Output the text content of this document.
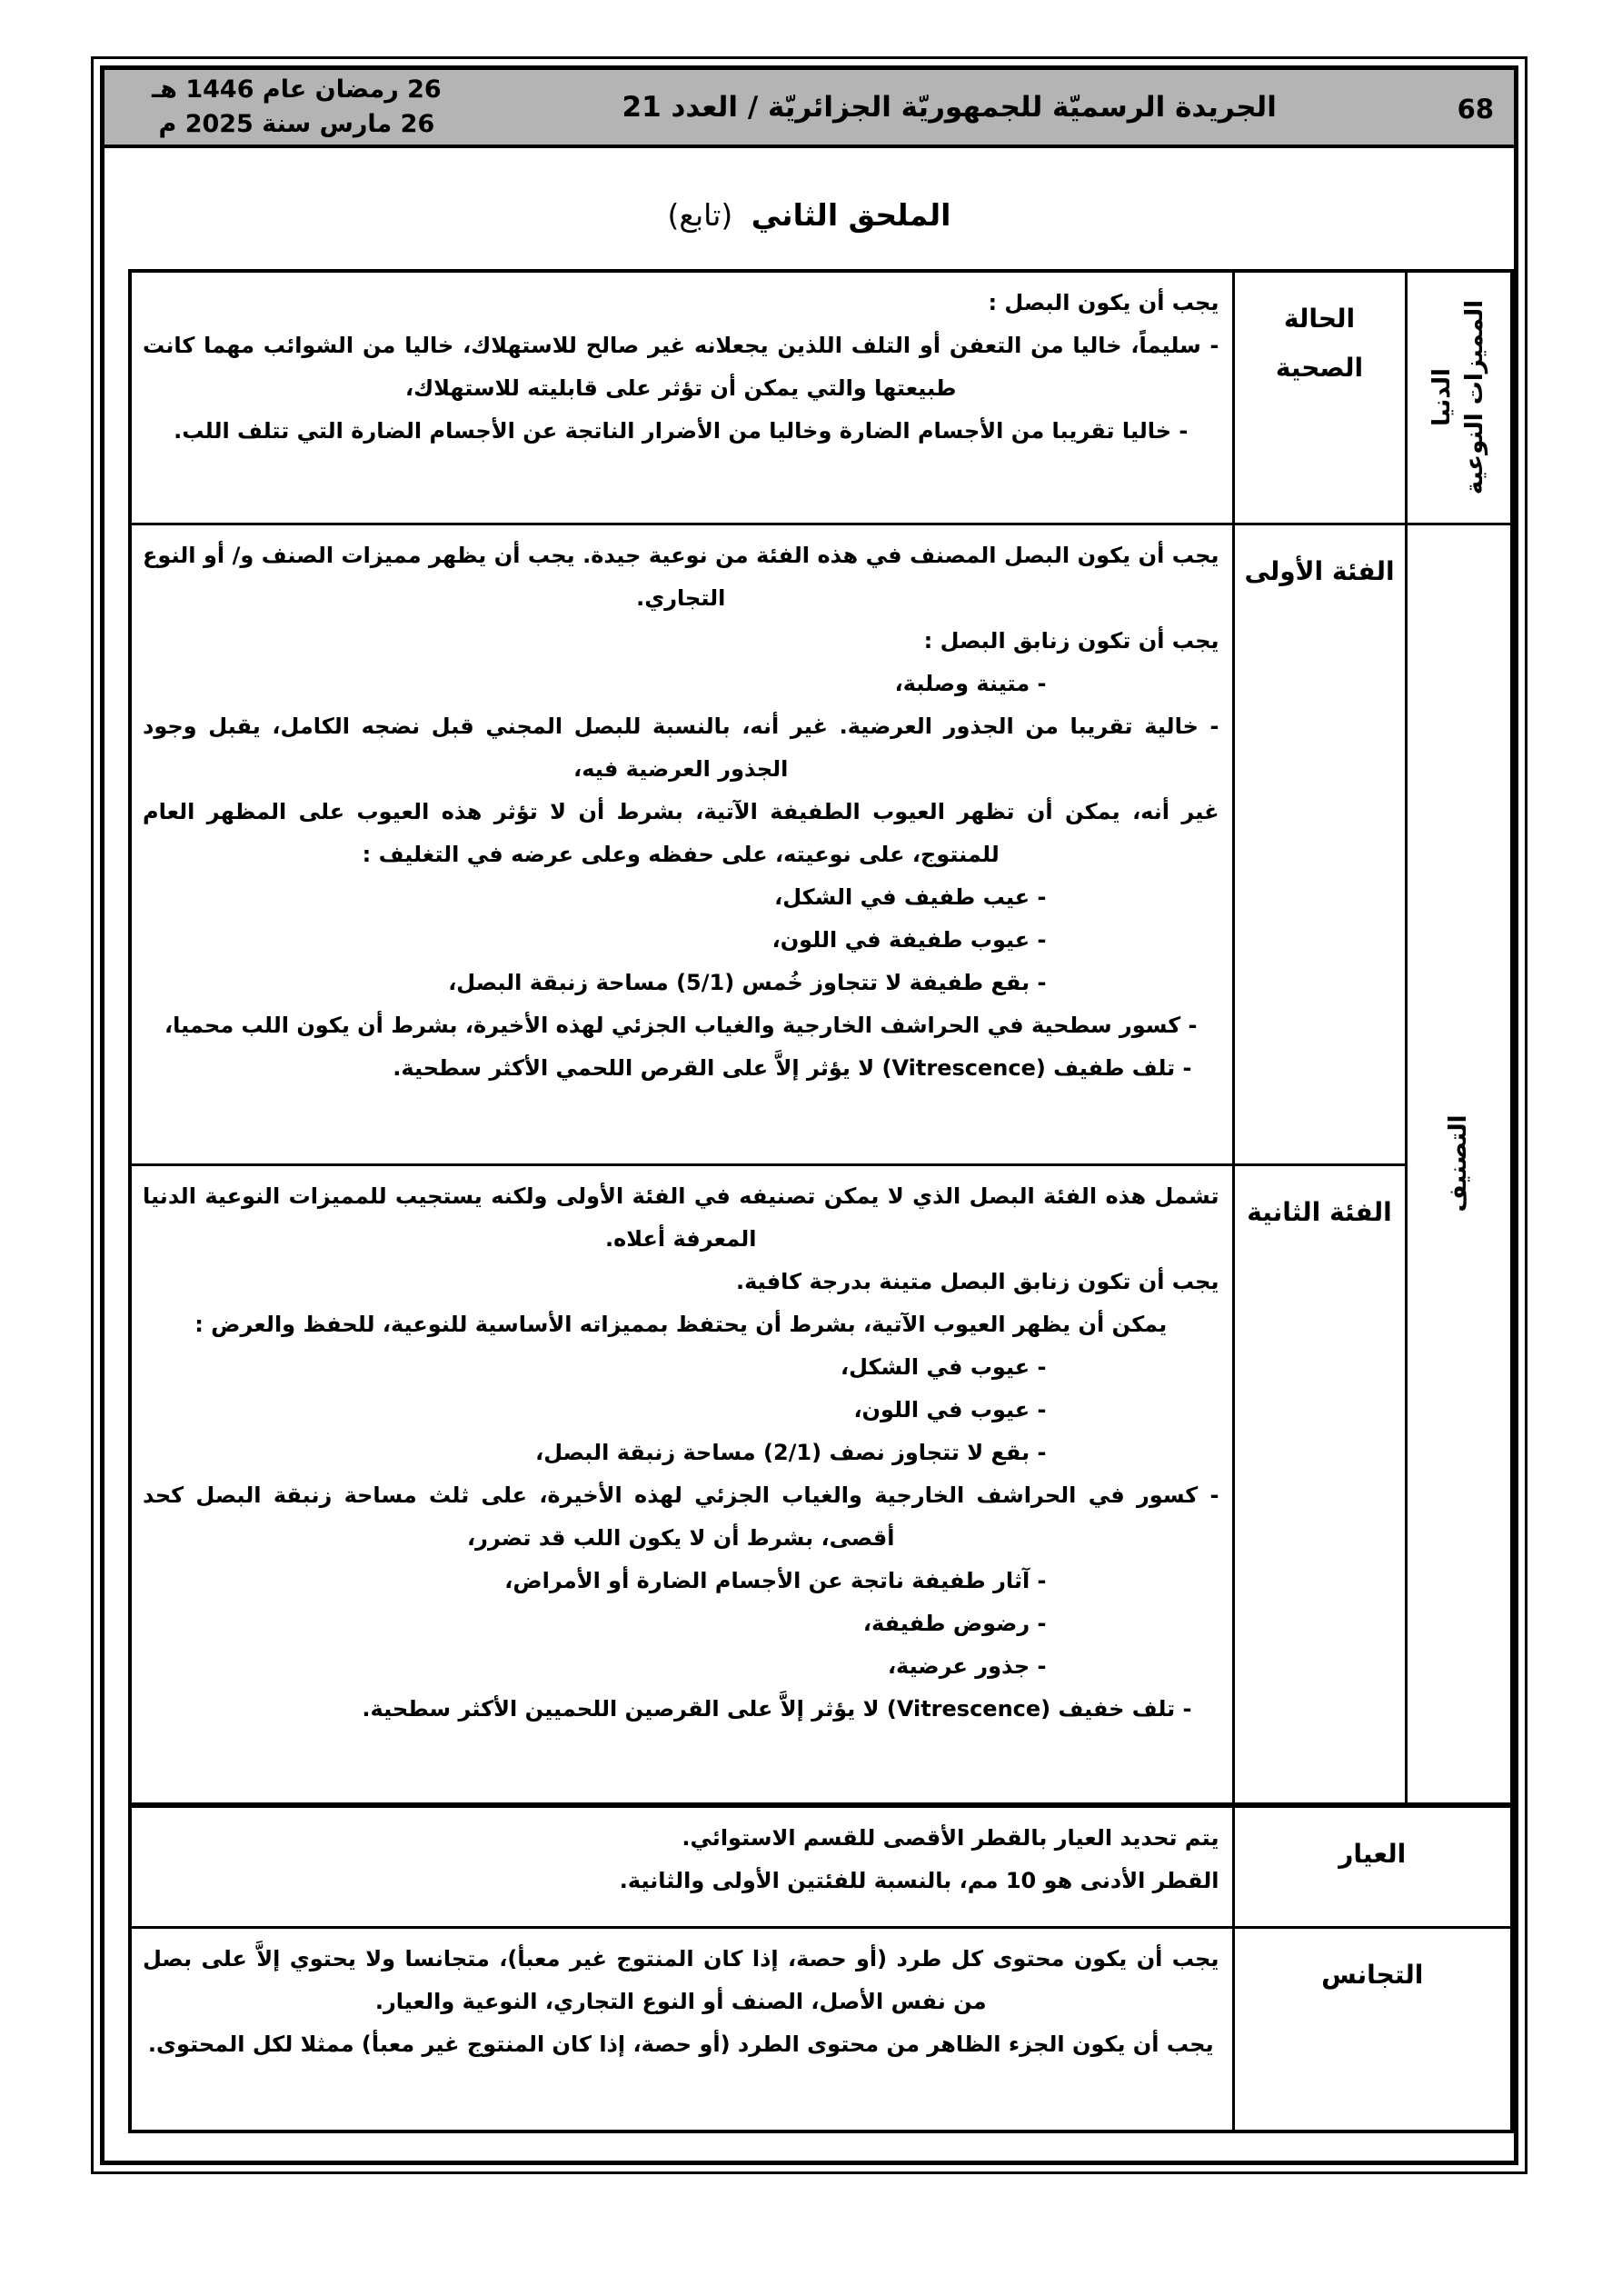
68
الجريدة الرسميّة للجمهوريّة الجزائريّة / العدد 21
26 رمضان عام 1446 هـ
26 مارس سنة 2025 م
الملحق الثاني (تابع)
المميزات النوعية
الدنيا
	الحالة الصحية	
يجب أن يكون البصل :
- سليماً، خاليا من التعفن أو التلف اللذين يجعلانه غير صالح للاستهلاك، خاليا من الشوائب مهما كانت طبيعتها والتي يمكن أن تؤثر على قابليته للاستهلاك،
- خاليا تقريبا من الأجسام الضارة وخاليا من الأضرار الناتجة عن الأجسام الضارة التي تتلف اللب.

التصنيف
	الفئة الأولى	
يجب أن يكون البصل المصنف في هذه الفئة من نوعية جيدة. يجب أن يظهر مميزات الصنف و/ أو النوع التجاري.
يجب أن تكون زنابق البصل :
- متينة وصلبة،
- خالية تقريبا من الجذور العرضية. غير أنه، بالنسبة للبصل المجني قبل نضجه الكامل، يقبل وجود الجذور العرضية فيه،
غير أنه، يمكن أن تظهر العيوب الطفيفة الآتية، بشرط أن لا تؤثر هذه العيوب على المظهر العام للمنتوج، على نوعيته، على حفظه وعلى عرضه في التغليف :
- عيب طفيف في الشكل،
- عيوب طفيفة في اللون،
- بقع طفيفة لا تتجاوز خُمس (5/1) مساحة زنبقة البصل،
- كسور سطحية في الحراشف الخارجية والغياب الجزئي لهذه الأخيرة، بشرط أن يكون اللب محميا،
- تلف طفيف (Vitrescence) لا يؤثر إلاَّ على القرص اللحمي الأكثر سطحية.

الفئة الثانية	
تشمل هذه الفئة البصل الذي لا يمكن تصنيفه في الفئة الأولى ولكنه يستجيب للمميزات النوعية الدنيا المعرفة أعلاه.
يجب أن تكون زنابق البصل متينة بدرجة كافية.
يمكن أن يظهر العيوب الآتية، بشرط أن يحتفظ بمميزاته الأساسية للنوعية، للحفظ والعرض :
- عيوب في الشكل،
- عيوب في اللون،
- بقع لا تتجاوز نصف (2/1) مساحة زنبقة البصل،
- كسور في الحراشف الخارجية والغياب الجزئي لهذه الأخيرة، على ثلث مساحة زنبقة البصل كحد أقصى، بشرط أن لا يكون اللب قد تضرر،
- آثار طفيفة ناتجة عن الأجسام الضارة أو الأمراض،
- رضوض طفيفة،
- جذور عرضية،
- تلف خفيف (Vitrescence) لا يؤثر إلاَّ على القرصين اللحميين الأكثر سطحية.

العيار		يتم تحديد العيار بالقطر الأقصى للقسم الاستوائي.
القطر الأدنى هو 10 مم، بالنسبة للفئتين الأولى والثانية.

التجانس		يجب أن يكون محتوى كل طرد (أو حصة، إذا كان المنتوج غير معبأ)، متجانسا ولا يحتوي إلاَّ على بصل من نفس الأصل، الصنف أو النوع التجاري، النوعية والعيار.
يجب أن يكون الجزء الظاهر من محتوى الطرد (أو حصة، إذا كان المنتوج غير معبأ) ممثلا لكل المحتوى.
